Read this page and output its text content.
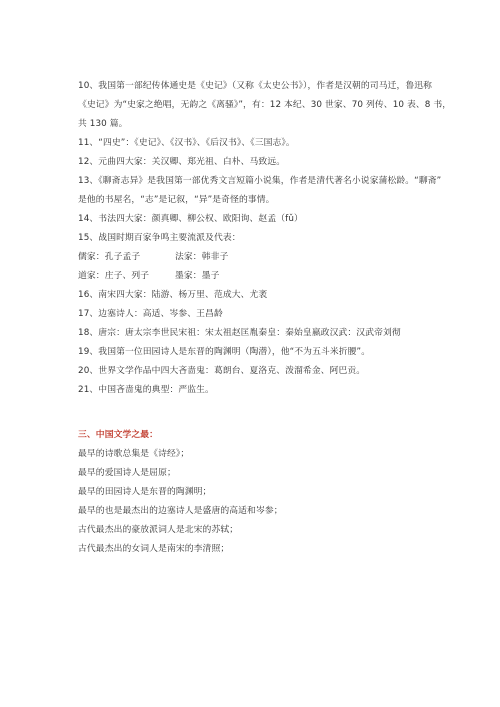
10、我国第一部纪传体通史是《史记》（又称《太史公书》），作者是汉朝的司马迁，鲁迅称
《史记》为“史家之绝唱，无韵之《离骚》”，有：12 本纪、30 世家、70 列传、10 表、8 书，
共 130 篇。
11、“四史”：《史记》、《汉书》、《后汉书》、《三国志》。
12、元曲四大家：关汉卿、郑光祖、白朴、马致远。
13、《聊斋志异》是我国第一部优秀文言短篇小说集，作者是清代著名小说家蒲松龄。“聊斋”
是他的书屋名，“志”是记叙，“异”是奇怪的事情。
14、书法四大家：颜真卿、柳公权、欧阳询、赵孟（fǔ）
15、战国时期百家争鸣主要流派及代表：
儒家：孔子孟子	法家：韩非子
道家：庄子、列子	墨家：墨子
16、南宋四大家：陆游、杨万里、范成大、尤袤
17、边塞诗人：高适、岑参、王昌龄
18、唐宗：唐太宗李世民宋祖：宋太祖赵匡胤秦皇：秦始皇嬴政汉武：汉武帝刘彻
19、我国第一位田园诗人是东晋的陶渊明（陶潜），他“不为五斗米折腰”。
20、世界文学作品中四大吝啬鬼：葛朗台、夏洛克、泼溜希金、阿巴贡。
21、中国吝啬鬼的典型：严监生。
三、中国文学之最：
最早的诗歌总集是《诗经》；
最早的爱国诗人是屈原；
最早的田园诗人是东晋的陶渊明；
最早的也是最杰出的边塞诗人是盛唐的高适和岑参；
古代最杰出的豪放派词人是北宋的苏轼；
古代最杰出的女词人是南宋的李清照；
